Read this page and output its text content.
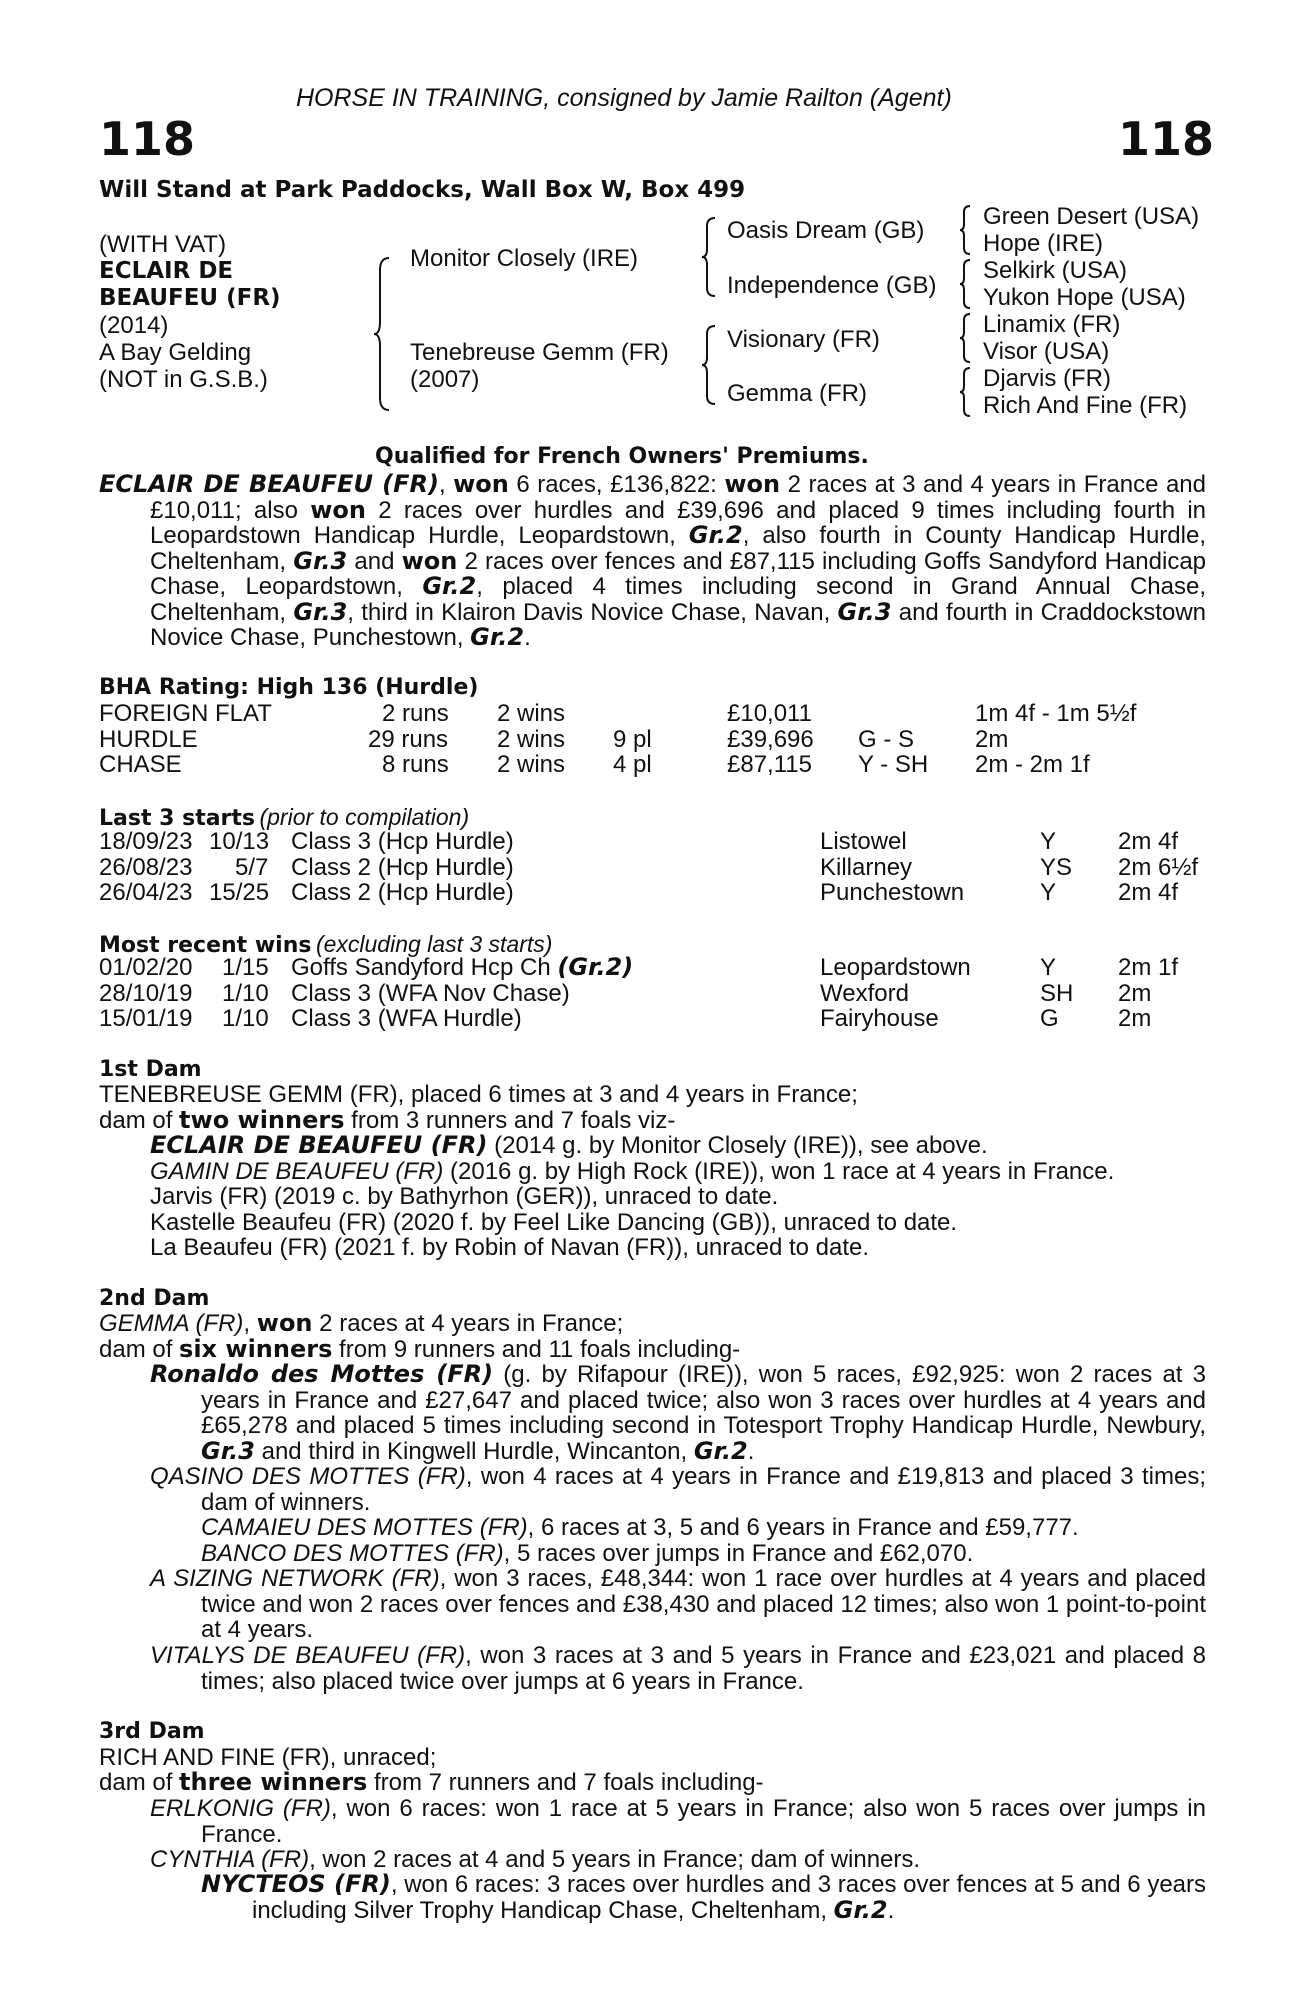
HORSE IN TRAINING, consigned by Jamie Railton (Agent)
118	118
Will Stand at Park Paddocks, Wall Box W, Box 499
(WITH VAT)
ECLAIR DE
BEAUFEU (FR)
(2014)
A Bay Gelding
(NOT in G.S.B.)
Monitor Closely (IRE)
Tenebreuse Gemm (FR)
(2007)
Oasis Dream (GB)
Independence (GB)
Visionary (FR)
Gemma (FR)
Green Desert (USA)
Hope (IRE)
Selkirk (USA)
Yukon Hope (USA)
Linamix (FR)
Visor (USA)
Djarvis (FR)
Rich And Fine (FR)
Qualified for French Owners' Premiums.
ECLAIR DE BEAUFEU (FR), won 6 races, £136,822: won 2 races at 3 and 4 years in France and £10,011; also won 2 races over hurdles and £39,696 and placed 9 times including fourth in Leopardstown Handicap Hurdle, Leopardstown, Gr.2, also fourth in County Handicap Hurdle, Cheltenham, Gr.3 and won 2 races over fences and £87,115 including Goffs Sandyford Handicap Chase, Leopardstown, Gr.2, placed 4 times including second in Grand Annual Chase, Cheltenham, Gr.3, third in Klairon Davis Novice Chase, Navan, Gr.3 and fourth in Craddockstown Novice Chase, Punchestown, Gr.2.
BHA Rating: High 136 (Hurdle)
FOREIGN FLAT	2 runs 2 wins	£10,011	1m 4f - 1m 5½f
HURDLE	29 runs 2 wins 9 pl	£39,696 G - S	2m
CHASE	8 runs 2 wins 4 pl	£87,115 Y - SH 2m - 2m 1f
Last 3 starts (prior to compilation)
18/09/23 10/13 Class 3 (Hcp Hurdle)	Listowel	Y	2m 4f
26/08/23 5/7 Class 2 (Hcp Hurdle)	Killarney	YS 2m 6½f
26/04/23 15/25 Class 2 (Hcp Hurdle)	Punchestown	Y	2m 4f
Most recent wins (excluding last 3 starts)
01/02/20 1/15 Goffs Sandyford Hcp Ch (Gr.2)	Leopardstown	Y	2m 1f
28/10/19 1/10 Class 3 (WFA Nov Chase)	Wexford	SH 2m
15/01/19 1/10 Class 3 (WFA Hurdle)	Fairyhouse	G 2m
1st Dam
TENEBREUSE GEMM (FR), placed 6 times at 3 and 4 years in France;
dam of two winners from 3 runners and 7 foals viz-
ECLAIR DE BEAUFEU (FR) (2014 g. by Monitor Closely (IRE)), see above.
GAMIN DE BEAUFEU (FR) (2016 g. by High Rock (IRE)), won 1 race at 4 years in France.
Jarvis (FR) (2019 c. by Bathyrhon (GER)), unraced to date.
Kastelle Beaufeu (FR) (2020 f. by Feel Like Dancing (GB)), unraced to date.
La Beaufeu (FR) (2021 f. by Robin of Navan (FR)), unraced to date.
2nd Dam
GEMMA (FR), won 2 races at 4 years in France;
dam of six winners from 9 runners and 11 foals including-
Ronaldo des Mottes (FR) (g. by Rifapour (IRE)), won 5 races, £92,925: won 2 races at 3 years in France and £27,647 and placed twice; also won 3 races over hurdles at 4 years and £65,278 and placed 5 times including second in Totesport Trophy Handicap Hurdle, Newbury, Gr.3 and third in Kingwell Hurdle, Wincanton, Gr.2.
QASINO DES MOTTES (FR), won 4 races at 4 years in France and £19,813 and placed 3 times; dam of winners.
CAMAIEU DES MOTTES (FR), 6 races at 3, 5 and 6 years in France and £59,777.
BANCO DES MOTTES (FR), 5 races over jumps in France and £62,070.
A SIZING NETWORK (FR), won 3 races, £48,344: won 1 race over hurdles at 4 years and placed twice and won 2 races over fences and £38,430 and placed 12 times; also won 1 point-to-point at 4 years.
VITALYS DE BEAUFEU (FR), won 3 races at 3 and 5 years in France and £23,021 and placed 8 times; also placed twice over jumps at 6 years in France.
3rd Dam
RICH AND FINE (FR), unraced;
dam of three winners from 7 runners and 7 foals including-
ERLKONIG (FR), won 6 races: won 1 race at 5 years in France; also won 5 races over jumps in France.
CYNTHIA (FR), won 2 races at 4 and 5 years in France; dam of winners.
NYCTEOS (FR), won 6 races: 3 races over hurdles and 3 races over fences at 5 and 6 years including Silver Trophy Handicap Chase, Cheltenham, Gr.2.
